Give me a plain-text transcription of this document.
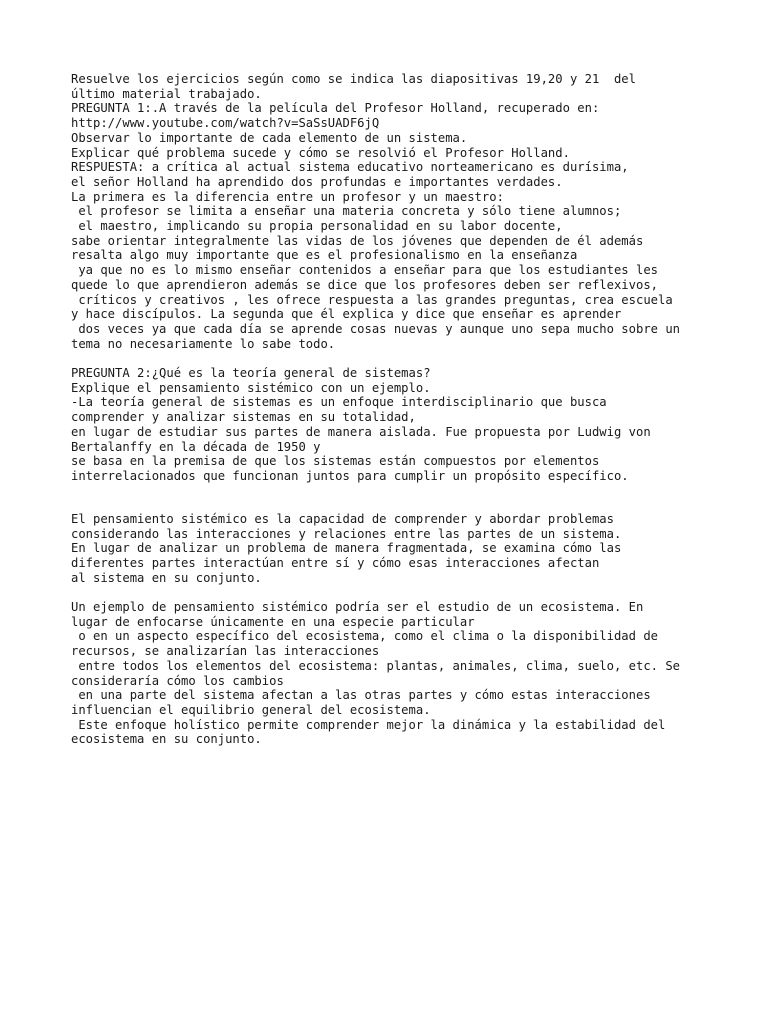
Resuelve los ejercicios según como se indica las diapositivas 19,20 y 21  del
último material trabajado.
PREGUNTA 1:.A través de la película del Profesor Holland, recuperado en:
http://www.youtube.com/watch?v=SaSsUADF6jQ
Observar lo importante de cada elemento de un sistema.
Explicar qué problema sucede y cómo se resolvió el Profesor Holland.
RESPUESTA: a crítica al actual sistema educativo norteamericano es durísima,
el señor Holland ha aprendido dos profundas e importantes verdades.
La primera es la diferencia entre un profesor y un maestro:
el profesor se limita a enseñar una materia concreta y sólo tiene alumnos;
el maestro, implicando su propia personalidad en su labor docente,
sabe orientar integralmente las vidas de los jóvenes que dependen de él además
resalta algo muy importante que es el profesionalismo en la enseñanza
ya que no es lo mismo enseñar contenidos a enseñar para que los estudiantes les
quede lo que aprendieron además se dice que los profesores deben ser reflexivos,
críticos y creativos , les ofrece respuesta a las grandes preguntas, crea escuela
y hace discípulos. La segunda que él explica y dice que enseñar es aprender
dos veces ya que cada día se aprende cosas nuevas y aunque uno sepa mucho sobre un
tema no necesariamente lo sabe todo.
PREGUNTA 2:¿Qué es la teoría general de sistemas?
Explique el pensamiento sistémico con un ejemplo.
-La teoría general de sistemas es un enfoque interdisciplinario que busca
comprender y analizar sistemas en su totalidad,
en lugar de estudiar sus partes de manera aislada. Fue propuesta por Ludwig von
Bertalanffy en la década de 1950 y
se basa en la premisa de que los sistemas están compuestos por elementos
interrelacionados que funcionan juntos para cumplir un propósito específico.
El pensamiento sistémico es la capacidad de comprender y abordar problemas
considerando las interacciones y relaciones entre las partes de un sistema.
En lugar de analizar un problema de manera fragmentada, se examina cómo las
diferentes partes interactúan entre sí y cómo esas interacciones afectan
al sistema en su conjunto.
Un ejemplo de pensamiento sistémico podría ser el estudio de un ecosistema. En
lugar de enfocarse únicamente en una especie particular
o en un aspecto específico del ecosistema, como el clima o la disponibilidad de
recursos, se analizarían las interacciones
entre todos los elementos del ecosistema: plantas, animales, clima, suelo, etc. Se
consideraría cómo los cambios
en una parte del sistema afectan a las otras partes y cómo estas interacciones
influencian el equilibrio general del ecosistema.
Este enfoque holístico permite comprender mejor la dinámica y la estabilidad del
ecosistema en su conjunto.
